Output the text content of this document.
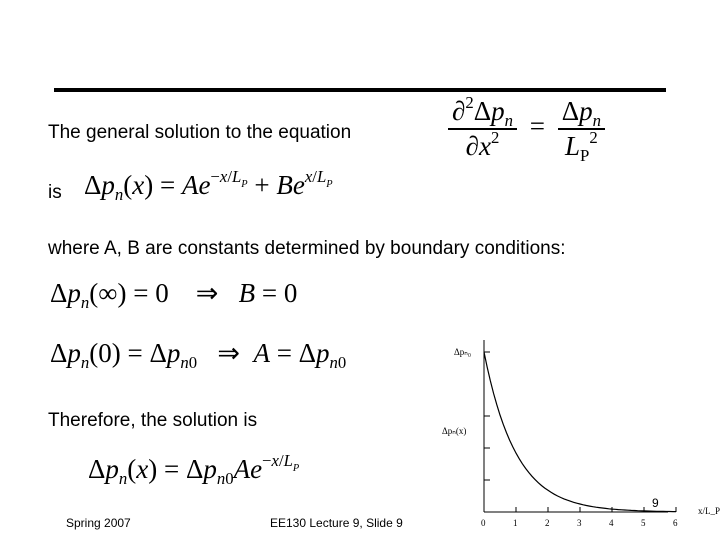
The general solution to the equation	$\frac{\partial^2\Delta p_n}{\partial x^2} = \frac{\Delta p_n}{L_P^2}$
is $\Delta p_n(x) = Ae^{-x/L_P} + Be^{x/L_P}$
where A, B are constants determined by boundary conditions:
$\Delta p_n(\infty) = 0$    ⇒   B = 0
$\Delta p_n(0) = \Delta p_{n0}$   ⇒  $A = \Delta p_{n0}$
Therefore, the solution is
$\Delta p_n(x) = \Delta p_{n0}Ae^{-x/L_P}$
0	1	2	3	4	5	6
Δpₙ₀
Δpₙ(x)
x/L_P
Spring 2007	EE130 Lecture 9, Slide 9
9
